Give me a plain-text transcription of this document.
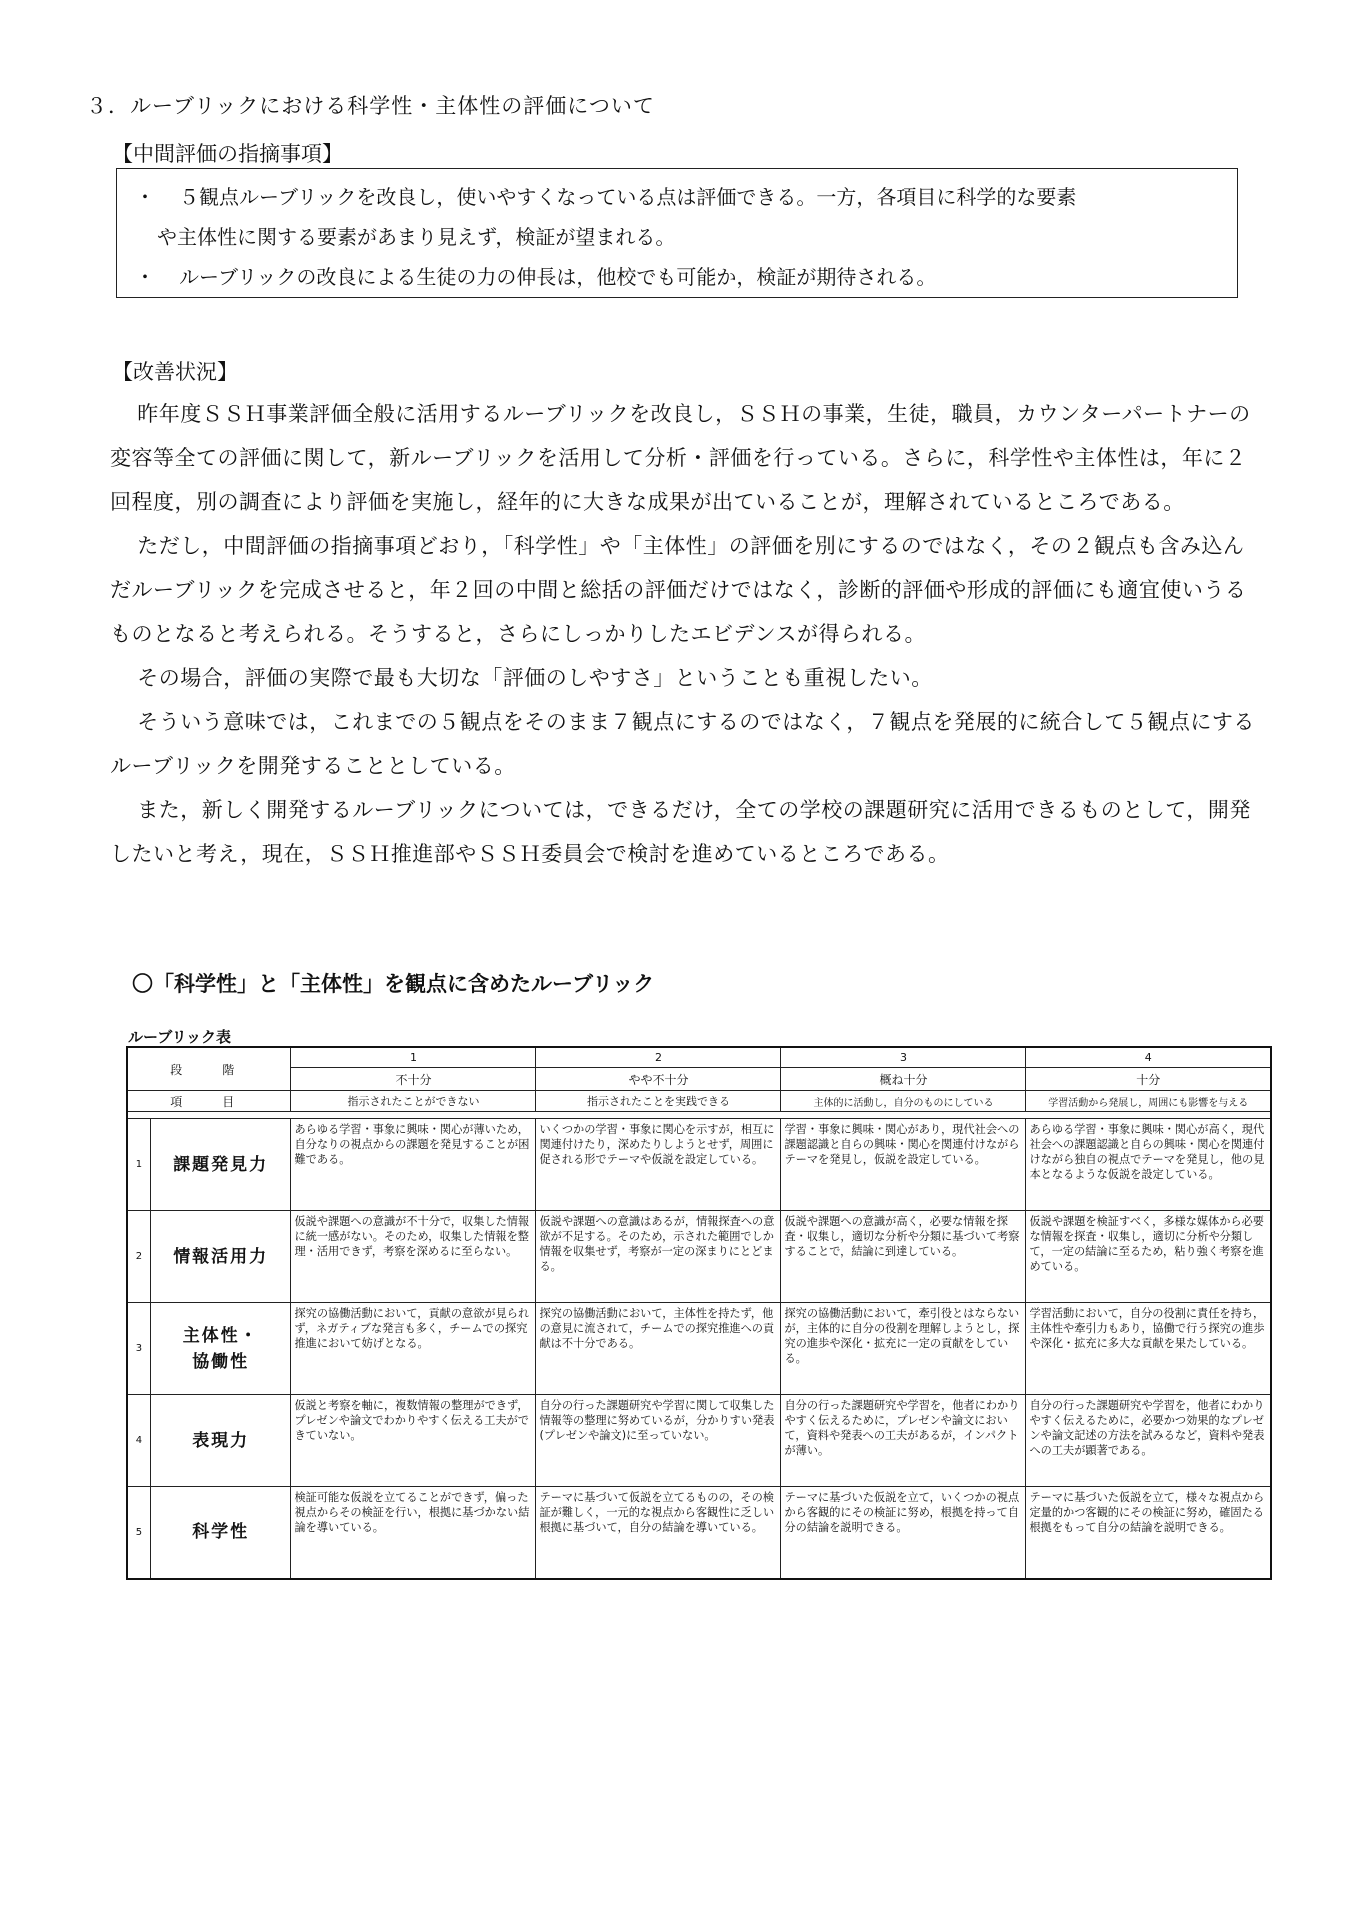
３．ルーブリックにおける科学性・主体性の評価について
【中間評価の指摘事項】
・ ５観点ルーブリックを改良し，使いやすくなっている点は評価できる。一方，各項目に科学的な要素
や主体性に関する要素があまり見えず，検証が望まれる。
・ ルーブリックの改良による生徒の力の伸長は，他校でも可能か，検証が期待される。
【改善状況】

昨年度ＳＳＨ事業評価全般に活用するルーブリックを改良し，ＳＳＨの事業，生徒，職員，カウンターパートナーの変容等全ての評価に関して，新ルーブリックを活用して分析・評価を行っている。さらに，科学性や主体性は，年に２回程度，別の調査により評価を実施し，経年的に大きな成果が出ていることが，理解されているところである。

ただし，中間評価の指摘事項どおり，「科学性」や「主体性」の評価を別にするのではなく，その２観点も含み込んだルーブリックを完成させると，年２回の中間と総括の評価だけではなく，診断的評価や形成的評価にも適宜使いうるものとなると考えられる。そうすると，さらにしっかりしたエビデンスが得られる。

その場合，評価の実際で最も大切な「評価のしやすさ」ということも重視したい。

そういう意味では，これまでの５観点をそのまま７観点にするのではなく，７観点を発展的に統合して５観点にするルーブリックを開発することとしている。

また，新しく開発するルーブリックについては，できるだけ，全ての学校の課題研究に活用できるものとして，開発したいと考え，現在，ＳＳＨ推進部やＳＳＨ委員会で検討を進めているところである。

〇「科学性」と「主体性」を観点に含めたルーブリック
ルーブリック表
段　階		1	2	3	4
		不十分	やや不十分	概ね十分	十分
項　目		指示されたことができない	指示されたことを実践できる	主体的に活動し，自分のものにしている	学習活動から発展し，周囲にも影響を与える

1	課題発見力	あらゆる学習・事象に興味・関心が薄いため，自分なりの視点からの課題を発見することが困難である。	いくつかの学習・事象に関心を示すが，相互に関連付けたり，深めたりしようとせず，周囲に促される形でテーマや仮説を設定している。	学習・事象に興味・関心があり，現代社会への課題認識と自らの興味・関心を関連付けながらテーマを発見し，仮説を設定している。	あらゆる学習・事象に興味・関心が高く，現代社会への課題認識と自らの興味・関心を関連付けながら独自の視点でテーマを発見し，他の見本となるような仮説を設定している。
2	情報活用力	仮説や課題への意識が不十分で，収集した情報に統一感がない。そのため，収集した情報を整理・活用できず，考察を深めるに至らない。	仮説や課題への意識はあるが，情報探査への意欲が不足する。そのため，示された範囲でしか情報を収集せず，考察が一定の深まりにとどまる。	仮説や課題への意識が高く，必要な情報を探査・収集し，適切な分析や分類に基づいて考察することで，結論に到達している。	仮説や課題を検証すべく，多様な媒体から必要な情報を探査・収集し，適切に分析や分類して，一定の結論に至るため，粘り強く考察を進めている。
3	主体性・
協働性	探究の協働活動において，貢献の意欲が見られず，ネガティブな発言も多く，チームでの探究推進において妨げとなる。	探究の協働活動において，主体性を持たず，他の意見に流されて，チームでの探究推進への貢献は不十分である。	探究の協働活動において，牽引役とはならないが，主体的に自分の役割を理解しようとし，探究の進歩や深化・拡充に一定の貢献をしている。	学習活動において，自分の役割に責任を持ち，主体性や牽引力もあり，協働で行う探究の進歩や深化・拡充に多大な貢献を果たしている。
4	表現力	仮説と考察を軸に，複数情報の整理ができず，プレゼンや論文でわかりやすく伝える工夫ができていない。	自分の行った課題研究や学習に関して収集した情報等の整理に努めているが，分かりすい発表(プレゼンや論文)に至っていない。	自分の行った課題研究や学習を，他者にわかりやすく伝えるために，プレゼンや論文において，資料や発表への工夫があるが，インパクトが薄い。	自分の行った課題研究や学習を，他者にわかりやすく伝えるために，必要かつ効果的なプレゼンや論文記述の方法を試みるなど，資料や発表への工夫が顕著である。
5	科学性	検証可能な仮説を立てることができず，偏った視点からその検証を行い，根拠に基づかない結論を導いている。	テーマに基づいて仮説を立てるものの，その検証が難しく，一元的な視点から客観性に乏しい根拠に基づいて，自分の結論を導いている。	テーマに基づいた仮説を立て，いくつかの視点から客観的にその検証に努め，根拠を持って自分の結論を説明できる。	テーマに基づいた仮説を立て，様々な視点から定量的かつ客観的にその検証に努め，確固たる根拠をもって自分の結論を説明できる。
